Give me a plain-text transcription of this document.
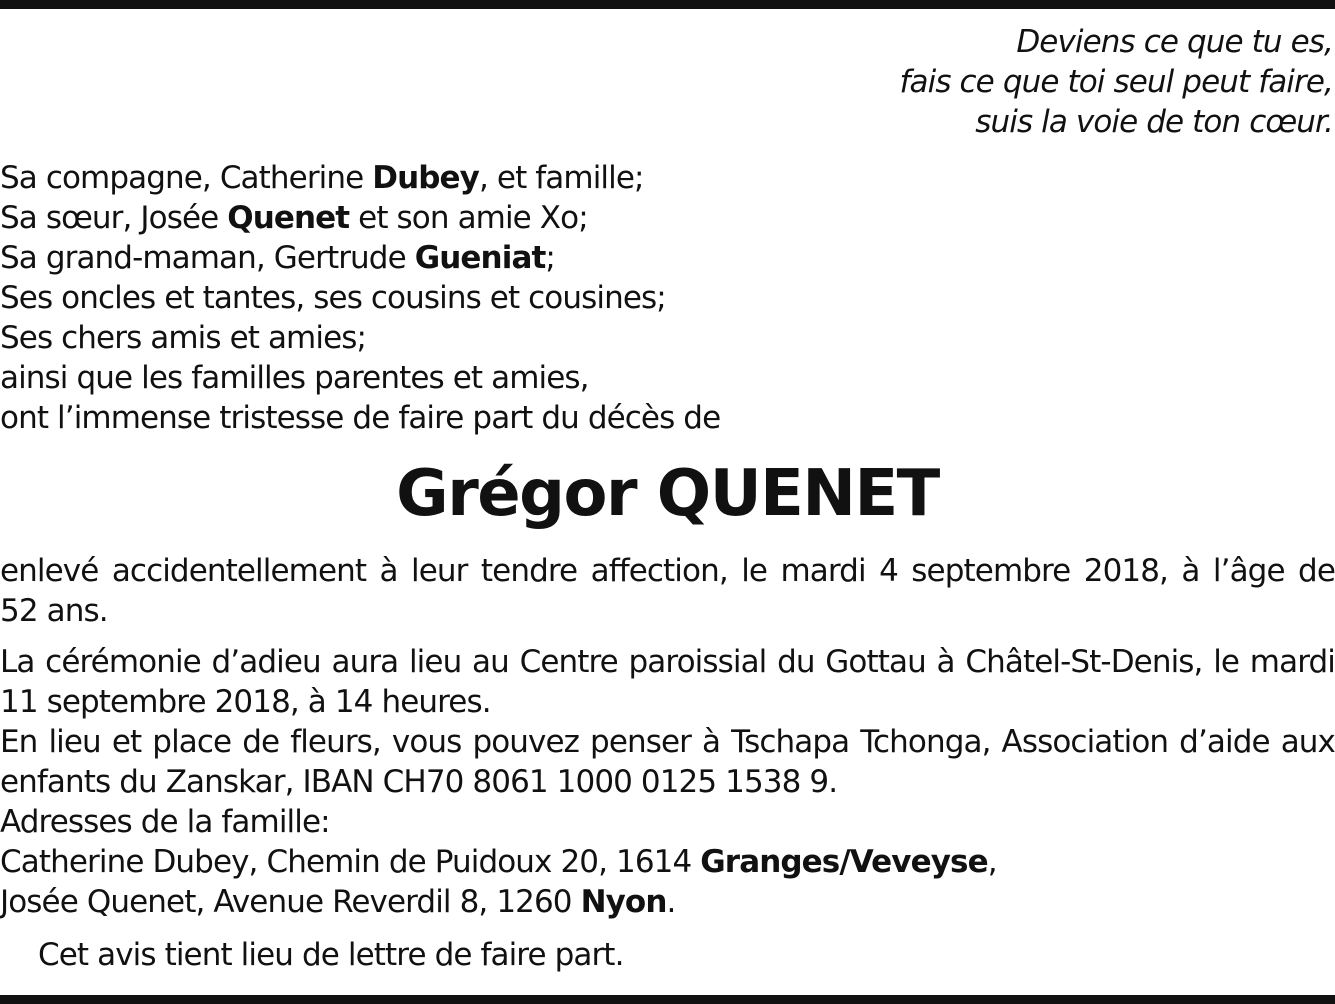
Deviens ce que tu es,
fais ce que toi seul peut faire,
suis la voie de ton cœur.
Sa compagne, Catherine Dubey, et famille;
Sa sœur, Josée Quenet et son amie Xo;
Sa grand-maman, Gertrude Gueniat;
Ses oncles et tantes, ses cousins et cousines;
Ses chers amis et amies;
ainsi que les familles parentes et amies,
ont l’immense tristesse de faire part du décès de
Grégor QUENET
enlevé accidentellement à leur tendre affection, le mardi 4 septembre 2018, à l’âge de
52 ans.
La cérémonie d’adieu aura lieu au Centre paroissial du Gottau à Châtel-St-Denis, le mardi
11 septembre 2018, à 14 heures.
En lieu et place de fleurs, vous pouvez penser à Tschapa Tchonga, Association d’aide aux
enfants du Zanskar, IBAN CH70 8061 1000 0125 1538 9.
Adresses de la famille:
Catherine Dubey, Chemin de Puidoux 20, 1614 Granges/Veveyse,
Josée Quenet, Avenue Reverdil 8, 1260 Nyon.
Cet avis tient lieu de lettre de faire part.
